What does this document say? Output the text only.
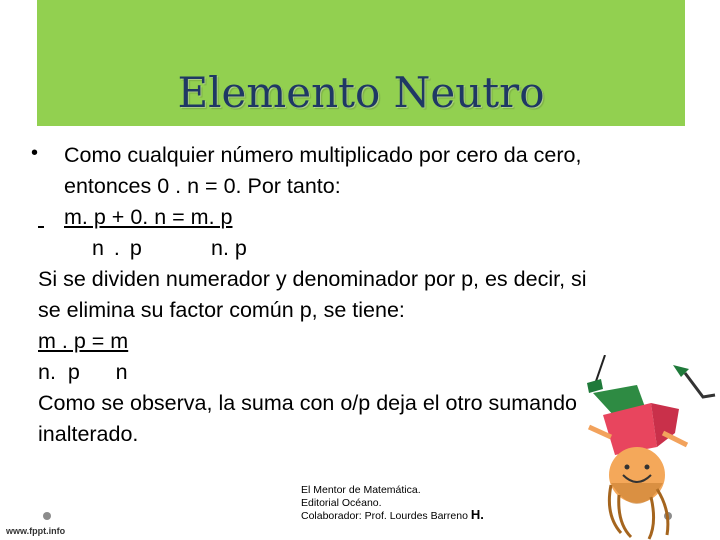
Elemento Neutro
• Como cualquier número multiplicado por cero da cero,
entonces 0 . n = 0. Por tanto:
m. p + 0. n = m. p
n . p	n. p
Si se dividen numerador y denominador por p, es decir, si
se elimina su factor común p, se tiene:
m . p = m
n.  p      n
Como se observa, la suma con o/p deja el otro sumando
inalterado.
El Mentor de Matemática.
Editorial Océano.
Colaborador: Prof. Lourdes Barreno H.
www.fppt.info
